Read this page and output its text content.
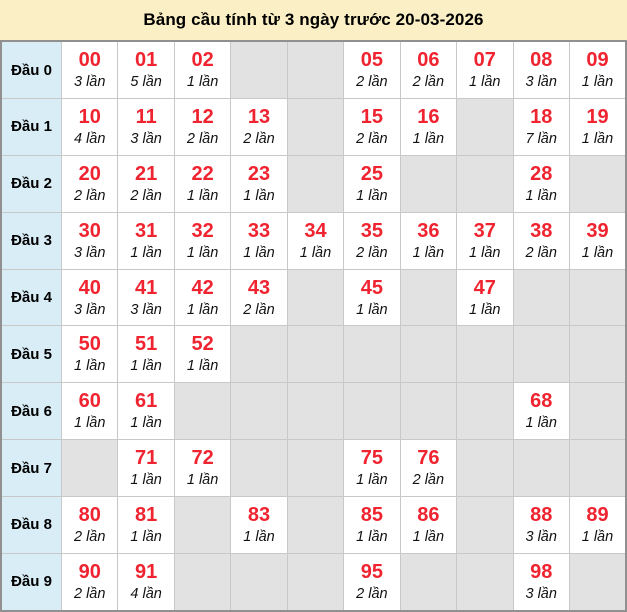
Bảng cầu tính từ 3 ngày trước 20-03-2026
Đầu 0	00
3 lần

01
5 lần

02
1 lần

05
2 lần

06
2 lần

07
1 lần

08
3 lần

09
1 lần

Đầu 1	10
4 lần

11
3 lần

12
2 lần

13
2 lần

15
2 lần

16
1 lần

18
7 lần

19
1 lần

Đầu 2	20
2 lần

21
2 lần

22
1 lần

23
1 lần

25
1 lần

28
1 lần

Đầu 3	30
3 lần

31
1 lần

32
1 lần

33
1 lần

34
1 lần

35
2 lần

36
1 lần

37
1 lần

38
2 lần

39
1 lần

Đầu 4	40
3 lần

41
3 lần

42
1 lần

43
2 lần

45
1 lần

47
1 lần

Đầu 5	50
1 lần

51
1 lần

52
1 lần

Đầu 6	60
1 lần

61
1 lần

68
1 lần

Đầu 7		71
1 lần

72
1 lần

75
1 lần

76
2 lần

Đầu 8	80
2 lần

81
1 lần

83
1 lần

85
1 lần

86
1 lần

88
3 lần

89
1 lần

Đầu 9	90
2 lần

91
4 lần

95
2 lần

98
3 lần
